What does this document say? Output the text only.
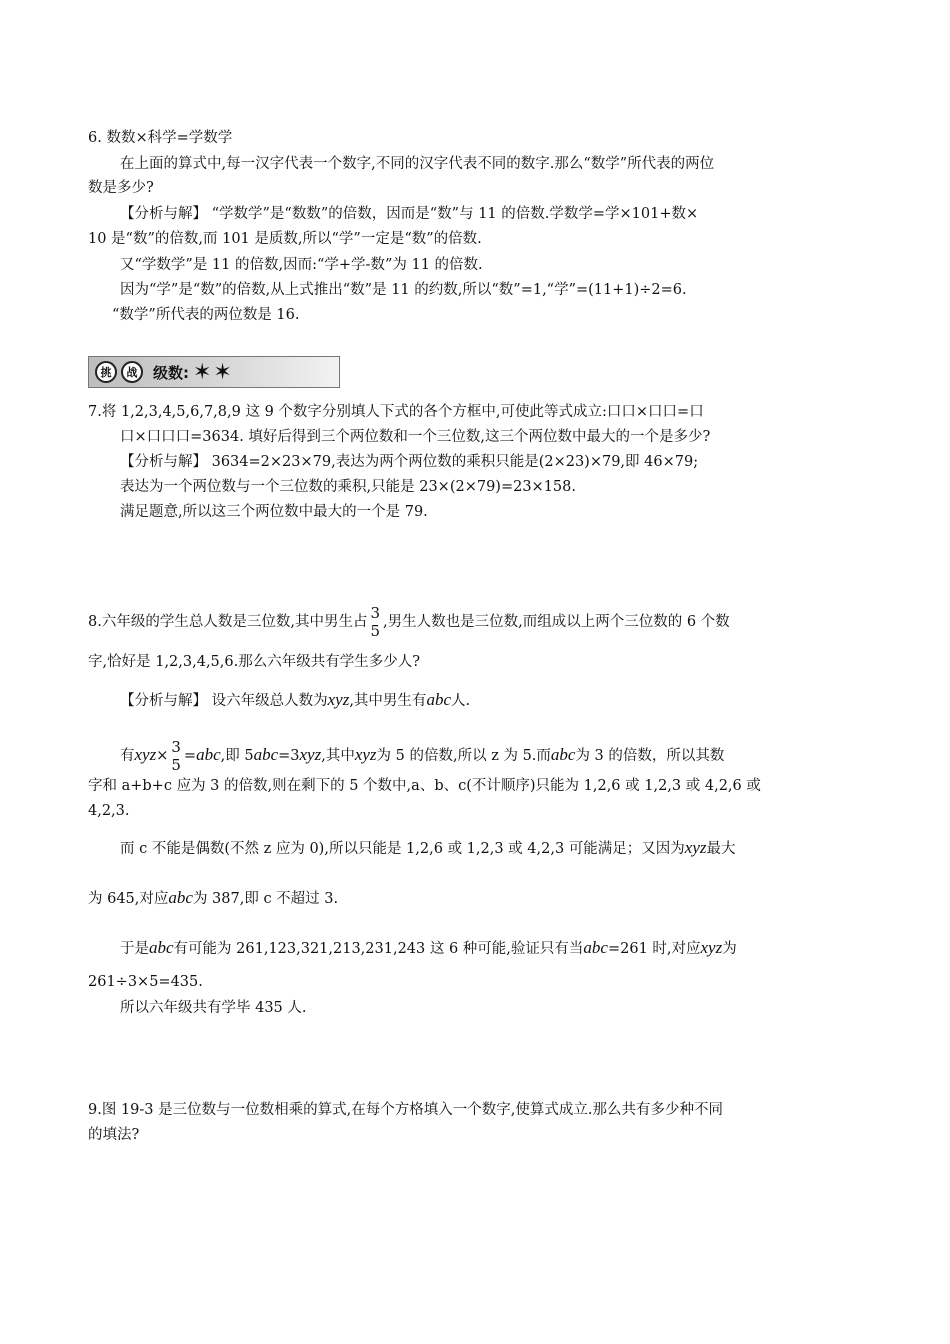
6. 数数×科学=学数学
在上面的算式中,每一汉字代表一个数字,不同的汉字代表不同的数字.那么“数学”所代表的两位
数是多少?
【分析与解】 “学数学”是“数数”的倍数，因而是“数”与 11 的倍数.学数学=学×101+数×
10 是“数”的倍数,而 101 是质数,所以“学”一定是“数”的倍数.
又“学数学”是 11 的倍数,因而:“学+学-数”为 11 的倍数.
因为“学”是“数”的倍数,从上式推出“数”是 11 的约数,所以“数”=1,“学”=(11+1)÷2=6.
“数学”所代表的两位数是 16.
挑	战	级数: ✶✶
7.将 1,2,3,4,5,6,7,8,9 这 9 个数字分别填人下式的各个方框中,可使此等式成立:口口×口口=口
口×口口口=3634. 填好后得到三个两位数和一个三位数,这三个两位数中最大的一个是多少?
【分析与解】 3634=2×23×79,表达为两个两位数的乘积只能是(2×23)×79,即 46×79;
表达为一个两位数与一个三位数的乘积,只能是 23×(2×79)=23×158.
满足题意,所以这三个两位数中最大的一个是 79.
8.六年级的学生总人数是三位数,其中男生占 3
5 ,男生人数也是三位数,而组成以上两个三位数的 6 个数
字,恰好是 1,2,3,4,5,6.那么六年级共有学生多少人?
【分析与解】 设六年级总人数为xyz,其中男生有abc人.
有xyz× 3
5 =abc,即 5abc=3xyz,其中xyz为 5 的倍数,所以 z 为 5.而abc为 3 的倍数，所以其数
字和 a+b+c 应为 3 的倍数,则在剩下的 5 个数中,a、b、c(不计顺序)只能为 1,2,6 或 1,2,3 或 4,2,6 或
4,2,3.
而 c 不能是偶数(不然 z 应为 0),所以只能是 1,2,6 或 1,2,3 或 4,2,3 可能满足；又因为xyz最大
为 645,对应abc为 387,即 c 不超过 3.
于是abc有可能为 261,123,321,213,231,243 这 6 种可能,验证只有当abc=261 时,对应xyz为
261÷3×5=435.
所以六年级共有学毕 435 人.
9.图 19-3 是三位数与一位数相乘的算式,在每个方格填入一个数字,使算式成立.那么共有多少种不同
的填法?
